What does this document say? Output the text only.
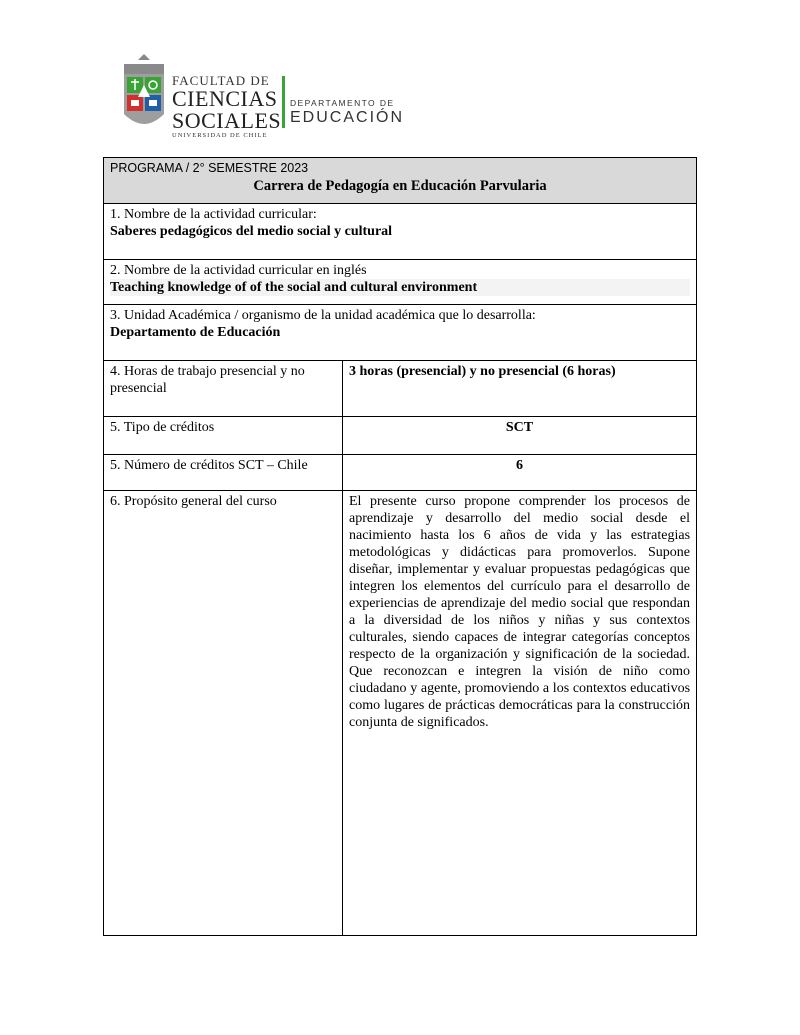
FACULTAD DE
CIENCIAS
SOCIALES
UNIVERSIDAD DE CHILE
DEPARTAMENTO DE
EDUCACIÓN
PROGRAMA / 2° SEMESTRE 2023
Carrera de Pedagogía en Educación Parvularia	

1. Nombre de la actividad curricular:
Saberes pedagógicos del medio social y cultural	

2. Nombre de la actividad curricular en inglés
Teaching knowledge of of the social and cultural environment	

3. Unidad Académica / organismo de la unidad académica que lo desarrolla:
Departamento de Educación	

4. Horas de trabajo presencial y no presencial	3 horas (presencial) y no presencial (6 horas)
5. Tipo de créditos	SCT
5. Número de créditos SCT – Chile	6
6. Propósito general del curso	El presente curso propone comprender los procesos de aprendizaje y desarrollo del medio social desde el nacimiento hasta los 6 años de vida y las estrategias metodológicas y didácticas para promoverlos. Supone diseñar, implementar y evaluar propuestas pedagógicas que integren los elementos del currículo para el desarrollo de experiencias de aprendizaje del medio social que respondan a la diversidad de los niños y niñas y sus contextos culturales, siendo capaces de integrar categorías conceptos respecto de la organización y significación de la sociedad. Que reconozcan e integren la visión de niño como ciudadano y agente, promoviendo a los contextos educativos como lugares de prácticas democráticas para la construcción conjunta de significados.
